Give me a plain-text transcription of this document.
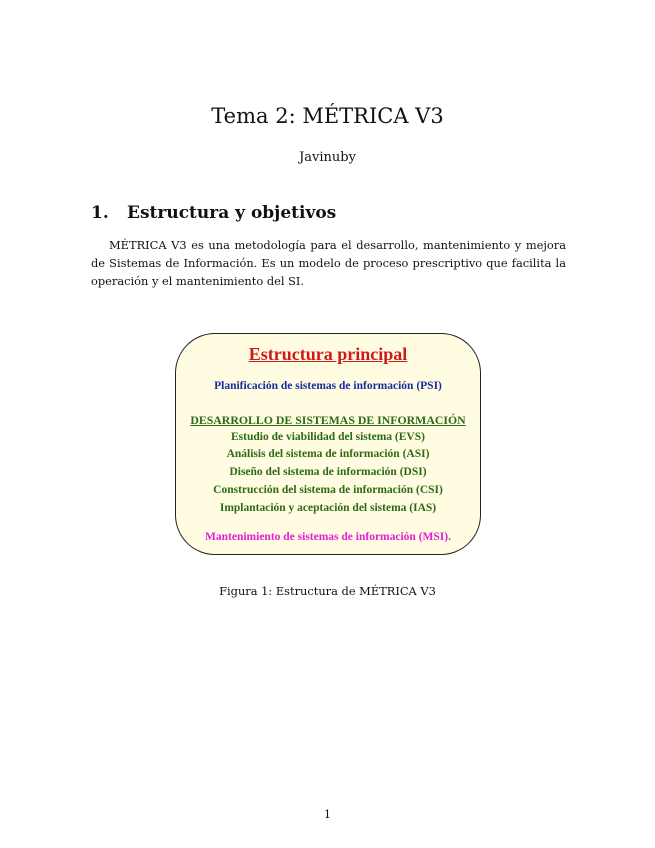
Tema 2: MÉTRICA V3
Javinuby
1. Estructura y objetivos

MÉTRICA V3 es una metodología para el desarrollo, mantenimiento y mejora de Sistemas de Información. Es un modelo de proceso prescriptivo que facilita la operación y el mantenimiento del SI.

Estructura principal
Planificación de sistemas de información (PSI)
DESARROLLO DE SISTEMAS DE INFORMACIÓN
Estudio de viabilidad del sistema (EVS)
Análisis del sistema de información (ASI)
Diseño del sistema de información (DSI)
Construcción del sistema de información (CSI)
Implantación y aceptación del sistema (IAS)
Mantenimiento de sistemas de información (MSI).
Figura 1: Estructura de MÉTRICA V3
1
